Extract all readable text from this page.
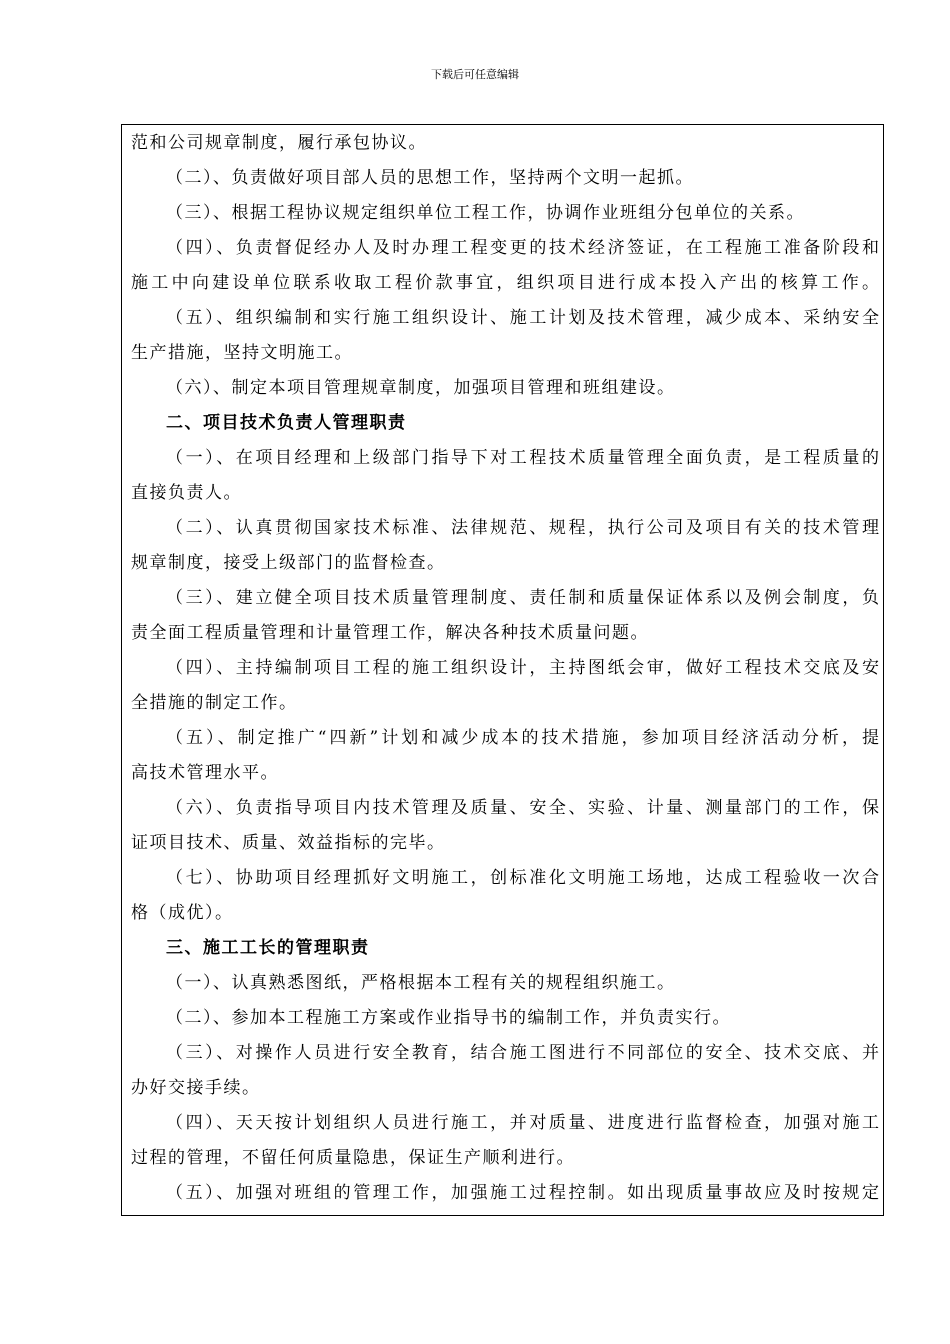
下载后可任意编辑
范和公司规章制度，履行承包协议。
（二）、负责做好项目部人员的思想工作，坚持两个文明一起抓。
（三）、根据工程协议规定组织单位工程工作，协调作业班组分包单位的关系。
（四）、负责督促经办人及时办理工程变更的技术经济签证，在工程施工准备阶段和
施工中向建设单位联系收取工程价款事宜，组织项目进行成本投入产出的核算工作。
（五）、组织编制和实行施工组织设计、施工计划及技术管理，减少成本、采纳安全
生产措施，坚持文明施工。
（六）、制定本项目管理规章制度，加强项目管理和班组建设。
二、项目技术负责人管理职责
（一）、在项目经理和上级部门指导下对工程技术质量管理全面负责，是工程质量的
直接负责人。
（二）、认真贯彻国家技术标准、法律规范、规程，执行公司及项目有关的技术管理
规章制度，接受上级部门的监督检查。
（三）、建立健全项目技术质量管理制度、责任制和质量保证体系以及例会制度，负
责全面工程质量管理和计量管理工作，解决各种技术质量问题。
（四）、主持编制项目工程的施工组织设计，主持图纸会审，做好工程技术交底及安
全措施的制定工作。
（五）、制定推广“四新”计划和减少成本的技术措施，参加项目经济活动分析，提
高技术管理水平。
（六）、负责指导项目内技术管理及质量、安全、实验、计量、测量部门的工作，保
证项目技术、质量、效益指标的完毕。
（七）、协助项目经理抓好文明施工，创标准化文明施工场地，达成工程验收一次合
格（成优）。
三、施工工长的管理职责
（一）、认真熟悉图纸，严格根据本工程有关的规程组织施工。
（二）、参加本工程施工方案或作业指导书的编制工作，并负责实行。
（三）、对操作人员进行安全教育，结合施工图进行不同部位的安全、技术交底、并
办好交接手续。
（四）、天天按计划组织人员进行施工，并对质量、进度进行监督检查，加强对施工
过程的管理，不留任何质量隐患，保证生产顺利进行。
（五）、加强对班组的管理工作，加强施工过程控制。如出现质量事故应及时按规定
